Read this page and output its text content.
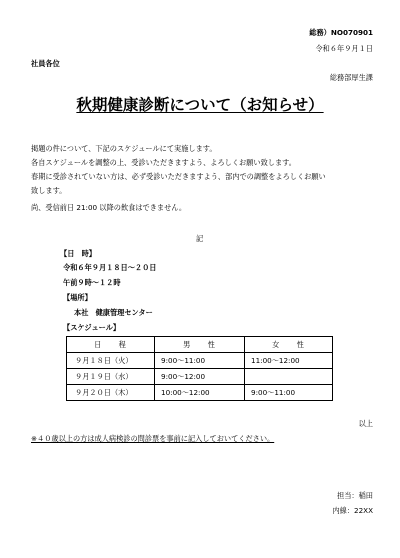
総務）NO070901
令和６年９月１日
社員各位
総務部厚生課
秋期健康診断について（お知らせ）
掲題の件について、下記のスケジュールにて実施します。
各自スケジュールを調整の上、受診いただきますよう、よろしくお願い致します。
春期に受診されていない方は、必ず受診いただきますよう、部内での調整をよろしくお願い
致します。
尚、受信前日 21:00 以降の飲食はできません。
記
【日　時】
令和６年９月１８日～２０日
午前９時～１２時
【場所】
本社　健康管理センター
【スケジュール】
日　　程	男　　性	女　　性
９月１８日（火）	9:00～11:00	11:00～12:00
９月１９日（水）	9:00～12:00	
９月２０日（木）	10:00～12:00	9:00～11:00
以上
※４０歳以上の方は成人病検診の問診票を事前に記入しておいてください。
担当：稲田
内線：22XX
